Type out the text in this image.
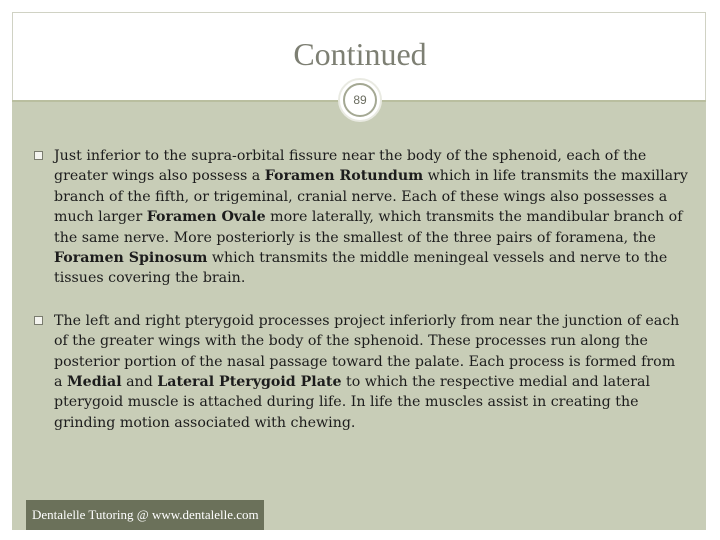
Continued
89
Just inferior to the supra-orbital fissure near the body of the sphenoid, each of the greater wings also possess a Foramen Rotundum which in life transmits the maxillary branch of the fifth, or trigeminal, cranial nerve. Each of these wings also possesses a much larger Foramen Ovale more laterally, which transmits the mandibular branch of the same nerve. More posteriorly is the smallest of the three pairs of foramena, the Foramen Spinosum which transmits the middle meningeal vessels and nerve to the tissues covering the brain.
The left and right pterygoid processes project inferiorly from near the junction of each of the greater wings with the body of the sphenoid. These processes run along the posterior portion of the nasal passage toward the palate. Each process is formed from a Medial and Lateral Pterygoid Plate to which the respective medial and lateral pterygoid muscle is attached during life. In life the muscles assist in creating the grinding motion associated with chewing.
Dentalelle Tutoring @ www.dentalelle.com
